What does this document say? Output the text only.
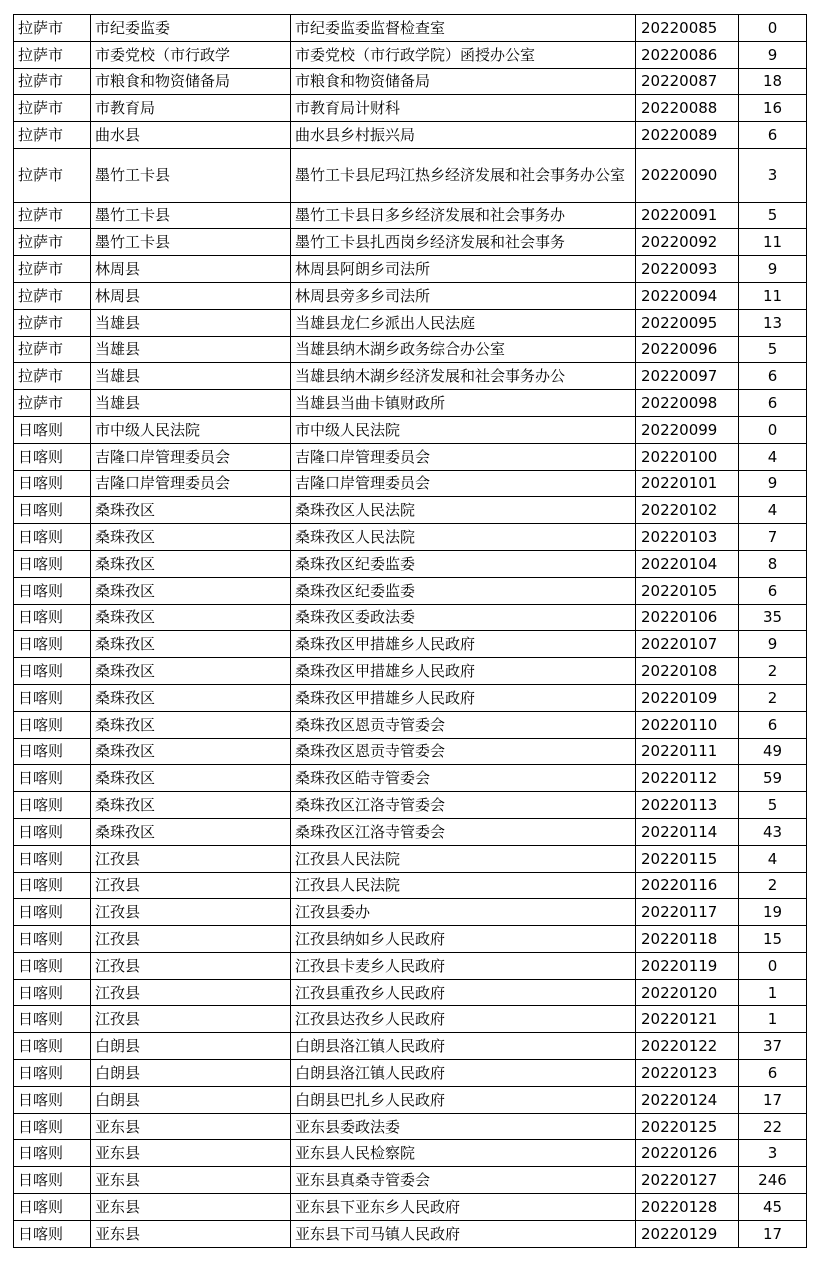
拉萨市	市纪委监委	市纪委监委监督检查室	20220085	0
拉萨市	市委党校（市行政学	市委党校（市行政学院）函授办公室	20220086	9
拉萨市	市粮食和物资储备局	市粮食和物资储备局	20220087	18
拉萨市	市教育局	市教育局计财科	20220088	16
拉萨市	曲水县	曲水县乡村振兴局	20220089	6
拉萨市	墨竹工卡县	墨竹工卡县尼玛江热乡经济发展和社会事务办公室	20220090	3
拉萨市	墨竹工卡县	墨竹工卡县日多乡经济发展和社会事务办	20220091	5
拉萨市	墨竹工卡县	墨竹工卡县扎西岗乡经济发展和社会事务	20220092	11
拉萨市	林周县	林周县阿朗乡司法所	20220093	9
拉萨市	林周县	林周县旁多乡司法所	20220094	11
拉萨市	当雄县	当雄县龙仁乡派出人民法庭	20220095	13
拉萨市	当雄县	当雄县纳木湖乡政务综合办公室	20220096	5
拉萨市	当雄县	当雄县纳木湖乡经济发展和社会事务办公	20220097	6
拉萨市	当雄县	当雄县当曲卡镇财政所	20220098	6
日喀则	市中级人民法院	市中级人民法院	20220099	0
日喀则	吉隆口岸管理委员会	吉隆口岸管理委员会	20220100	4
日喀则	吉隆口岸管理委员会	吉隆口岸管理委员会	20220101	9
日喀则	桑珠孜区	桑珠孜区人民法院	20220102	4
日喀则	桑珠孜区	桑珠孜区人民法院	20220103	7
日喀则	桑珠孜区	桑珠孜区纪委监委	20220104	8
日喀则	桑珠孜区	桑珠孜区纪委监委	20220105	6
日喀则	桑珠孜区	桑珠孜区委政法委	20220106	35
日喀则	桑珠孜区	桑珠孜区甲措雄乡人民政府	20220107	9
日喀则	桑珠孜区	桑珠孜区甲措雄乡人民政府	20220108	2
日喀则	桑珠孜区	桑珠孜区甲措雄乡人民政府	20220109	2
日喀则	桑珠孜区	桑珠孜区恩贡寺管委会	20220110	6
日喀则	桑珠孜区	桑珠孜区恩贡寺管委会	20220111	49
日喀则	桑珠孜区	桑珠孜区皓寺管委会	20220112	59
日喀则	桑珠孜区	桑珠孜区江洛寺管委会	20220113	5
日喀则	桑珠孜区	桑珠孜区江洛寺管委会	20220114	43
日喀则	江孜县	江孜县人民法院	20220115	4
日喀则	江孜县	江孜县人民法院	20220116	2
日喀则	江孜县	江孜县委办	20220117	19
日喀则	江孜县	江孜县纳如乡人民政府	20220118	15
日喀则	江孜县	江孜县卡麦乡人民政府	20220119	0
日喀则	江孜县	江孜县重孜乡人民政府	20220120	1
日喀则	江孜县	江孜县达孜乡人民政府	20220121	1
日喀则	白朗县	白朗县洛江镇人民政府	20220122	37
日喀则	白朗县	白朗县洛江镇人民政府	20220123	6
日喀则	白朗县	白朗县巴扎乡人民政府	20220124	17
日喀则	亚东县	亚东县委政法委	20220125	22
日喀则	亚东县	亚东县人民检察院	20220126	3
日喀则	亚东县	亚东县真桑寺管委会	20220127	246
日喀则	亚东县	亚东县下亚东乡人民政府	20220128	45
日喀则	亚东县	亚东县下司马镇人民政府	20220129	17
